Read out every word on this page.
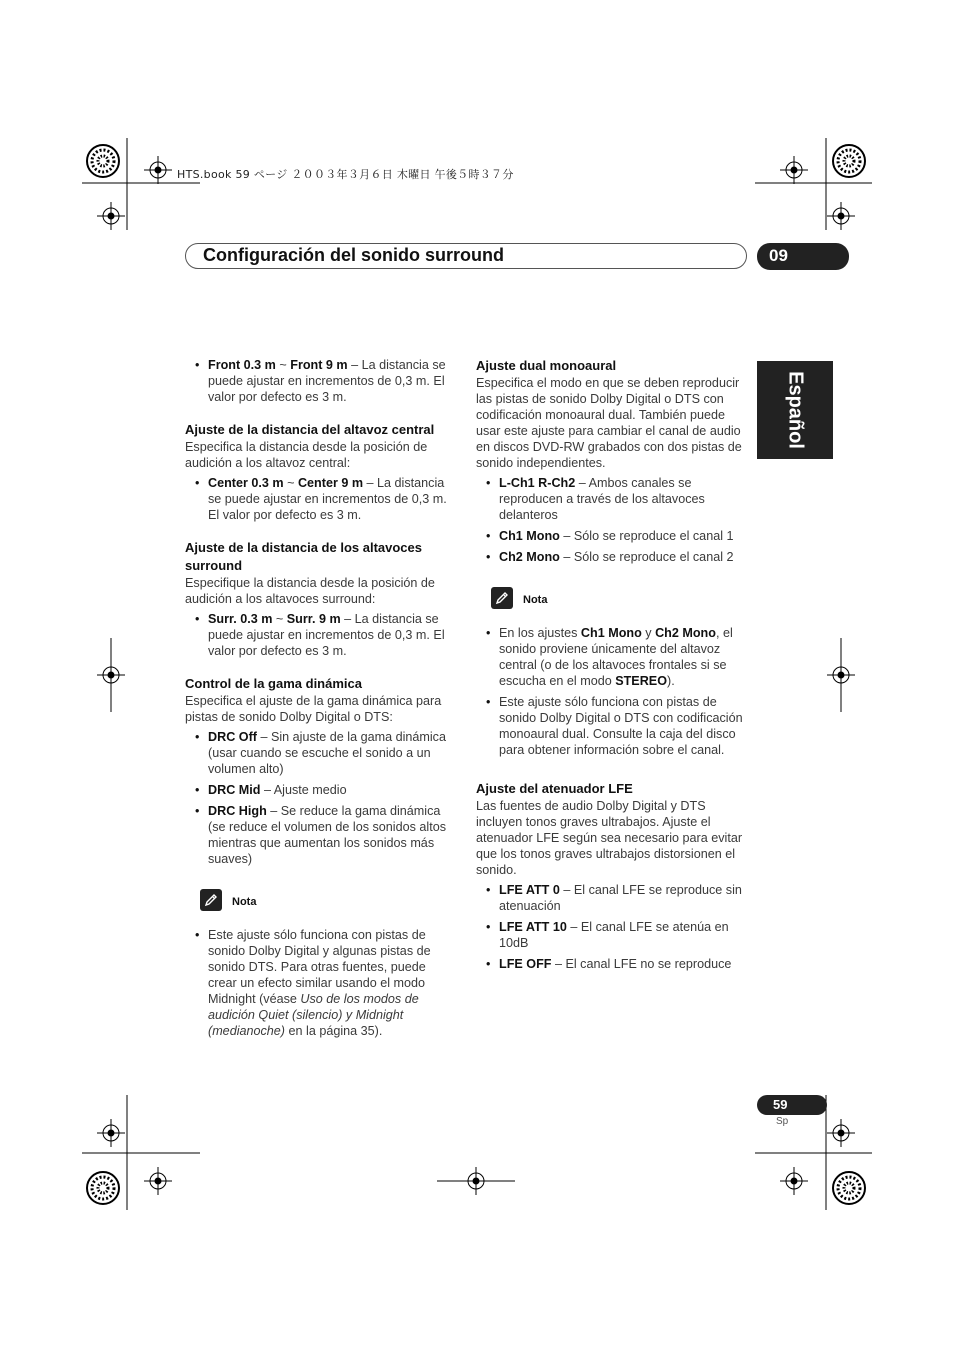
HTS.book 59 ページ ２００３年３月６日 木曜日 午後５時３７分
Configuración del sonido surround	09
Español
• Front 0.3 m ~ Front 9 m – La distancia se puede ajustar en incrementos de 0,3 m. El valor por defecto es 3 m.
Ajuste de la distancia del altavoz central

Especifica la distancia desde la posición de audición a los altavoz central:

• Center 0.3 m ~ Center 9 m – La distancia se puede ajustar en incrementos de 0,3 m. El valor por defecto es 3 m.
Ajuste de la distancia de los altavoces surround

Especifique la distancia desde la posición de audición a los altavoces surround:

• Surr. 0.3 m ~ Surr. 9 m – La distancia se puede ajustar en incrementos de 0,3 m. El valor por defecto es 3 m.
Control de la gama dinámica

Especifica el ajuste de la gama dinámica para pistas de sonido Dolby Digital o DTS:

• DRC Off – Sin ajuste de la gama dinámica (usar cuando se escuche el sonido a un volumen alto)
• DRC Mid – Ajuste medio
• DRC High – Se reduce la gama dinámica (se reduce el volumen de los sonidos altos mientras que aumentan los sonidos más suaves)
Nota
• Este ajuste sólo funciona con pistas de sonido Dolby Digital y algunas pistas de sonido DTS. Para otras fuentes, puede crear un efecto similar usando el modo Midnight (véase Uso de los modos de audición Quiet (silencio) y Midnight (medianoche) en la página 35).
Ajuste dual monoaural

Especifica el modo en que se deben reproducir las pistas de sonido Dolby Digital o DTS con codificación monoaural dual. También puede usar este ajuste para cambiar el canal de audio en discos DVD-RW grabados con dos pistas de sonido independientes.

• L-Ch1 R-Ch2 – Ambos canales se reproducen a través de los altavoces delanteros
• Ch1 Mono – Sólo se reproduce el canal 1
• Ch2 Mono – Sólo se reproduce el canal 2
Nota
• En los ajustes Ch1 Mono y Ch2 Mono, el sonido proviene únicamente del altavoz central (o de los altavoces frontales si se escucha en el modo STEREO).
• Este ajuste sólo funciona con pistas de sonido Dolby Digital o DTS con codificación monoaural dual. Consulte la caja del disco para obtener información sobre el canal.
Ajuste del atenuador LFE

Las fuentes de audio Dolby Digital y DTS incluyen tonos graves ultrabajos. Ajuste el atenuador LFE según sea necesario para evitar que los tonos graves ultrabajos distorsionen el sonido.

• LFE ATT 0 – El canal LFE se reproduce sin atenuación
• LFE ATT 10 – El canal LFE se atenúa en 10dB
• LFE OFF – El canal LFE no se reproduce
59
Sp
